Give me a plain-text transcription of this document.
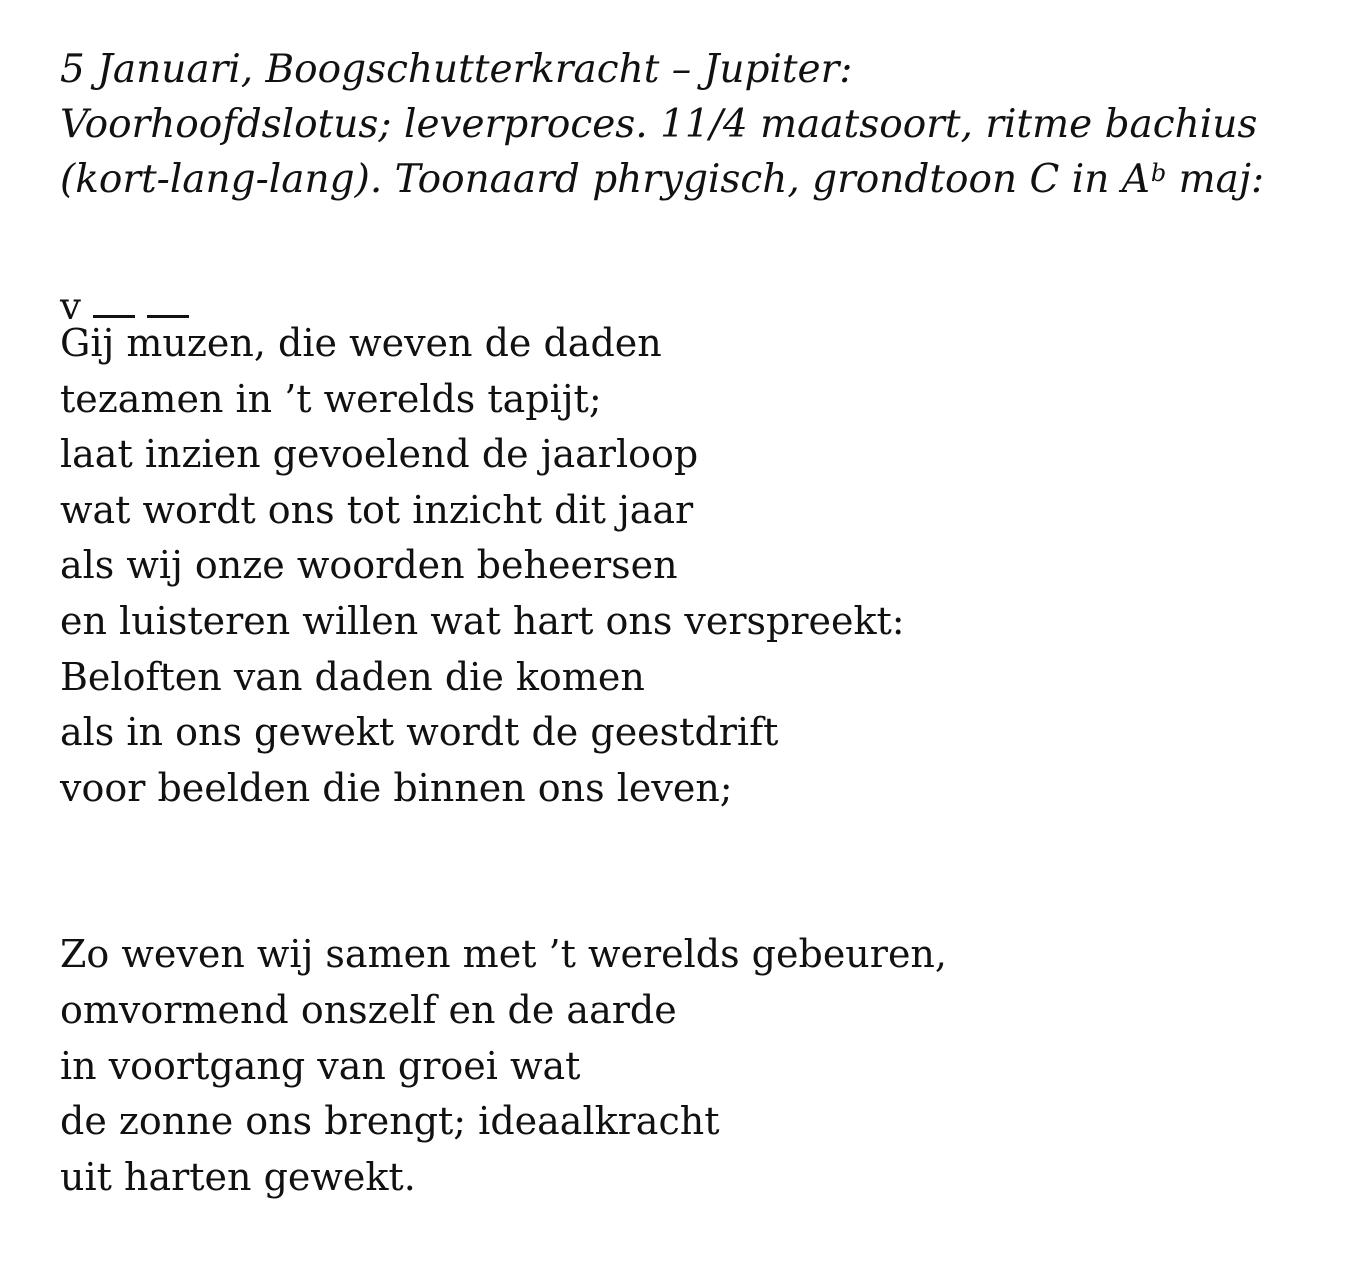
5 Januari, Boogschutterkracht – Jupiter:
Voorhoofdslotus; leverproces. 11/4 maatsoort, ritme bachius
(kort-lang-lang). Toonaard phrygisch, grondtoon C in $A^b$ maj:
v
Gij muzen, die weven de daden
tezamen in ’t werelds tapijt;
laat inzien gevoelend de jaarloop
wat wordt ons tot inzicht dit jaar
als wij onze woorden beheersen
en luisteren willen wat hart ons verspreekt:
Beloften van daden die komen
als in ons gewekt wordt de geestdrift
voor beelden die binnen ons leven;
Zo weven wij samen met ’t werelds gebeuren,
omvormend onszelf en de aarde
in voortgang van groei wat
de zonne ons brengt; ideaalkracht
uit harten gewekt.
